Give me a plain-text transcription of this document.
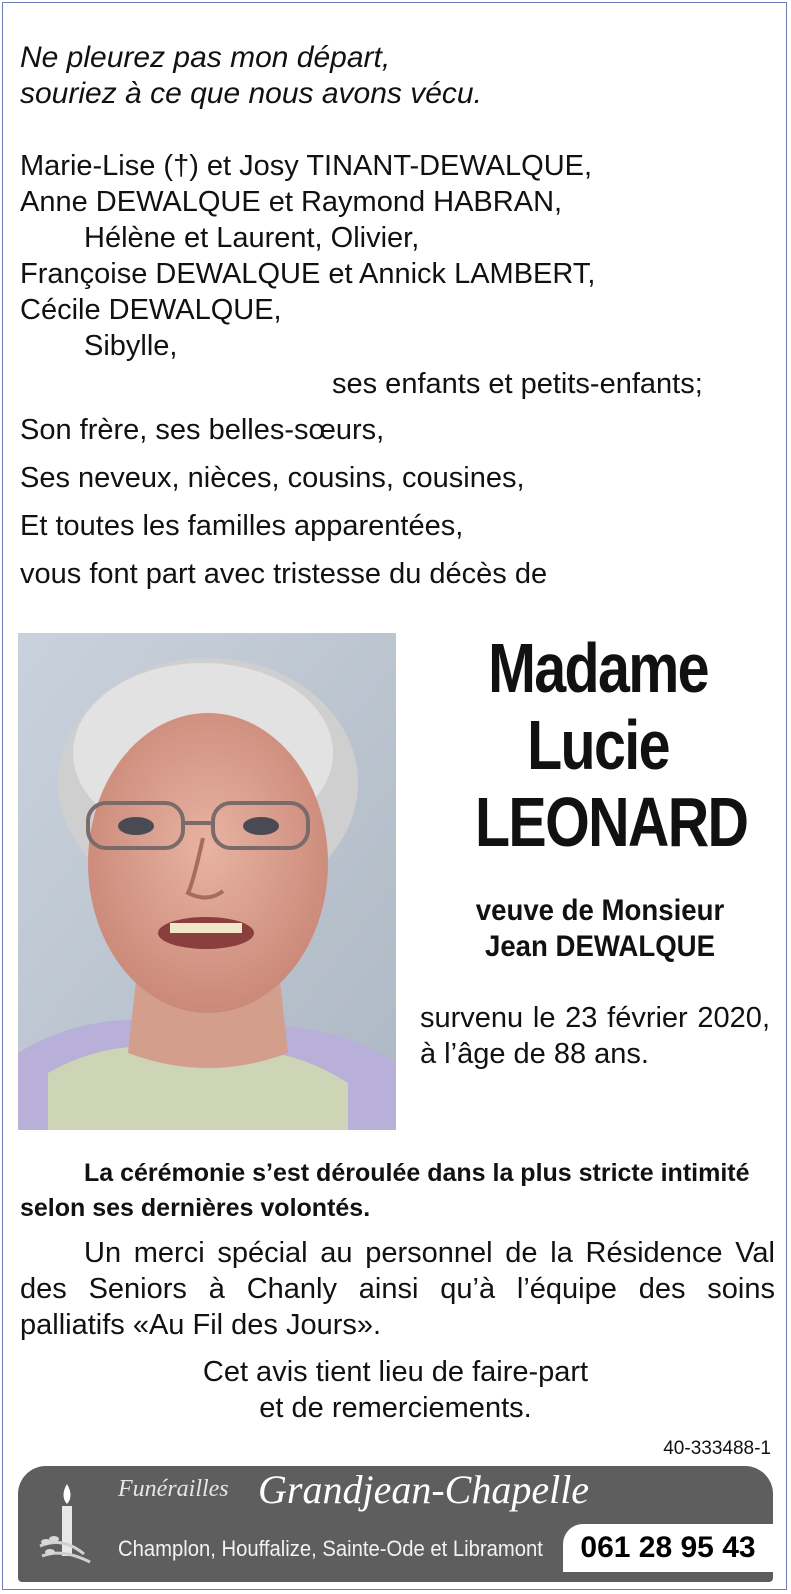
Ne pleurez pas mon départ,
souriez à ce que nous avons vécu.
Marie-Lise (†) et Josy TINANT-DEWALQUE,
Anne DEWALQUE et Raymond HABRAN,
Hélène et Laurent, Olivier,
Françoise DEWALQUE et Annick LAMBERT,
Cécile DEWALQUE,
Sibylle,
ses enfants et petits-enfants;
Son frère, ses belles-sœurs,
Ses neveux, nièces, cousins, cousines,
Et toutes les familles apparentées,
vous font part avec tristesse du décès de
Madame
Lucie
LEONARD
veuve de Monsieur
Jean DEWALQUE
survenu le 23 février 2020, à l’âge de 88 ans.
La cérémonie s’est déroulée dans la plus stricte intimité selon ses dernières volontés.
Un merci spécial au personnel de la Résidence Val des Seniors à Chanly ainsi qu’à l’équipe des soins palliatifs «Au Fil des Jours».
Cet avis tient lieu de faire-part
et de remerciements.
40-333488-1
Funérailles Grandjean-Chapelle
Champlon, Houffalize, Sainte-Ode et Libramont	061 28 95 43
